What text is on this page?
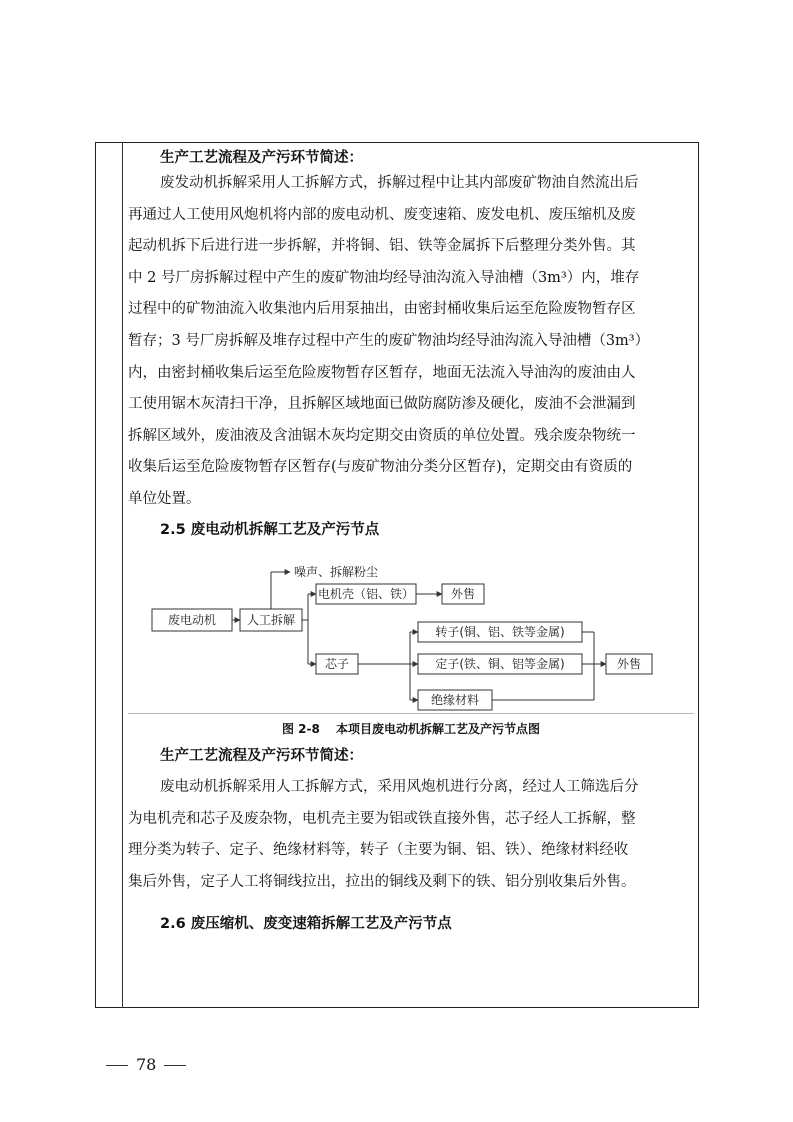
生产工艺流程及产污环节简述：
废发动机拆解采用人工拆解方式，拆解过程中让其内部废矿物油自然流出后
再通过人工使用风炮机将内部的废电动机、废变速箱、废发电机、废压缩机及废
起动机拆下后进行进一步拆解，并将铜、铝、铁等金属拆下后整理分类外售。其
中 2 号厂房拆解过程中产生的废矿物油均经导油沟流入导油槽（3m³）内，堆存
过程中的矿物油流入收集池内后用泵抽出，由密封桶收集后运至危险废物暂存区
暂存；3 号厂房拆解及堆存过程中产生的废矿物油均经导油沟流入导油槽（3m³）
内，由密封桶收集后运至危险废物暂存区暂存，地面无法流入导油沟的废油由人
工使用锯木灰清扫干净，且拆解区域地面已做防腐防渗及硬化，废油不会泄漏到
拆解区域外，废油液及含油锯木灰均定期交由资质的单位处置。残余废杂物统一
收集后运至危险废物暂存区暂存(与废矿物油分类分区暂存)，定期交由有资质的
单位处置。
2.5 废电动机拆解工艺及产污节点
废电动机	人工拆解
噪声、拆解粉尘
电机壳（铝、铁）	外售
芯子
转子(铜、铝、铁等金属)
定子(铁、铜、铝等金属)
绝缘材料
外售
图 2-8　 本项目废电动机拆解工艺及产污节点图
生产工艺流程及产污环节简述：
废电动机拆解采用人工拆解方式，采用风炮机进行分离，经过人工筛选后分
为电机壳和芯子及废杂物，电机壳主要为铝或铁直接外售，芯子经人工拆解，整
理分类为转子、定子、绝缘材料等，转子（主要为铜、铝、铁）、绝缘材料经收
集后外售，定子人工将铜线拉出，拉出的铜线及剩下的铁、铝分别收集后外售。
2.6 废压缩机、废变速箱拆解工艺及产污节点
78
